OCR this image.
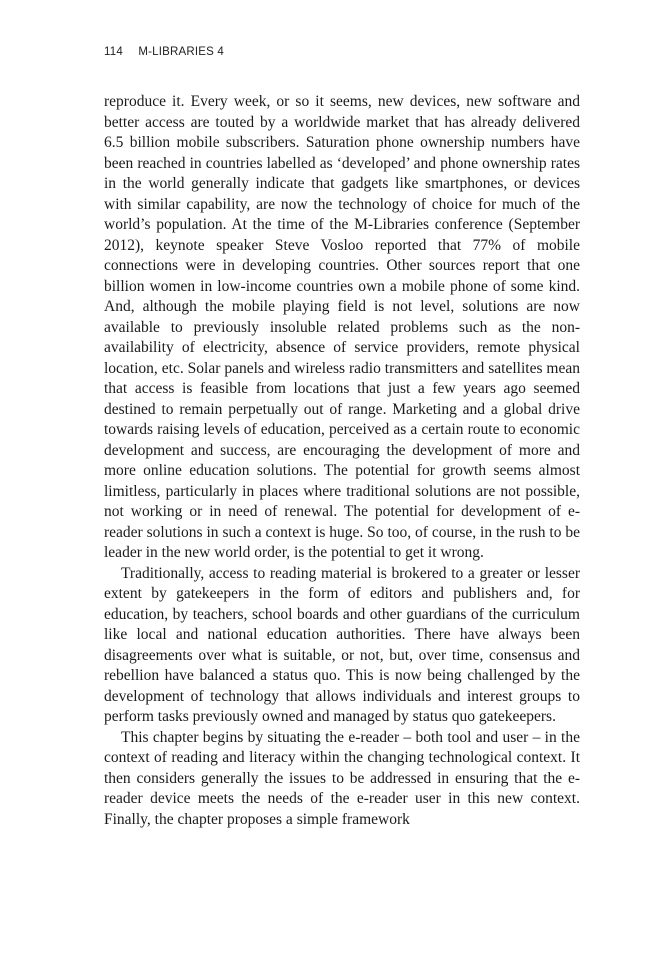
114 M-LIBRARIES 4

reproduce it. Every week, or so it seems, new devices, new software and better access are touted by a worldwide market that has already delivered 6.5 billion mobile subscribers. Saturation phone ownership numbers have been reached in countries labelled as ‘developed’ and phone ownership rates in the world generally indicate that gadgets like smartphones, or devices with similar capability, are now the technology of choice for much of the world’s population. At the time of the M-Libraries conference (September 2012), keynote speaker Steve Vosloo reported that 77% of mobile connections were in developing countries. Other sources report that one billion women in low-income countries own a mobile phone of some kind. And, although the mobile playing field is not level, solutions are now available to previously insoluble related problems such as the non-availability of electricity, absence of service providers, remote physical location, etc. Solar panels and wireless radio transmitters and satellites mean that access is feasible from locations that just a few years ago seemed destined to remain perpetually out of range. Marketing and a global drive towards raising levels of education, perceived as a certain route to economic development and success, are encouraging the development of more and more online education solutions. The potential for growth seems almost limitless, particularly in places where traditional solutions are not possible, not working or in need of renewal. The potential for development of e-reader solutions in such a context is huge. So too, of course, in the rush to be leader in the new world order, is the potential to get it wrong.

Traditionally, access to reading material is brokered to a greater or lesser extent by gatekeepers in the form of editors and publishers and, for education, by teachers, school boards and other guardians of the curriculum like local and national education authorities. There have always been disagreements over what is suitable, or not, but, over time, consensus and rebellion have balanced a status quo. This is now being challenged by the development of technology that allows individuals and interest groups to perform tasks previously owned and managed by status quo gatekeepers.

This chapter begins by situating the e-reader – both tool and user – in the context of reading and literacy within the changing technological context. It then considers generally the issues to be addressed in ensuring that the e-reader device meets the needs of the e-reader user in this new context. Finally, the chapter proposes a simple framework
